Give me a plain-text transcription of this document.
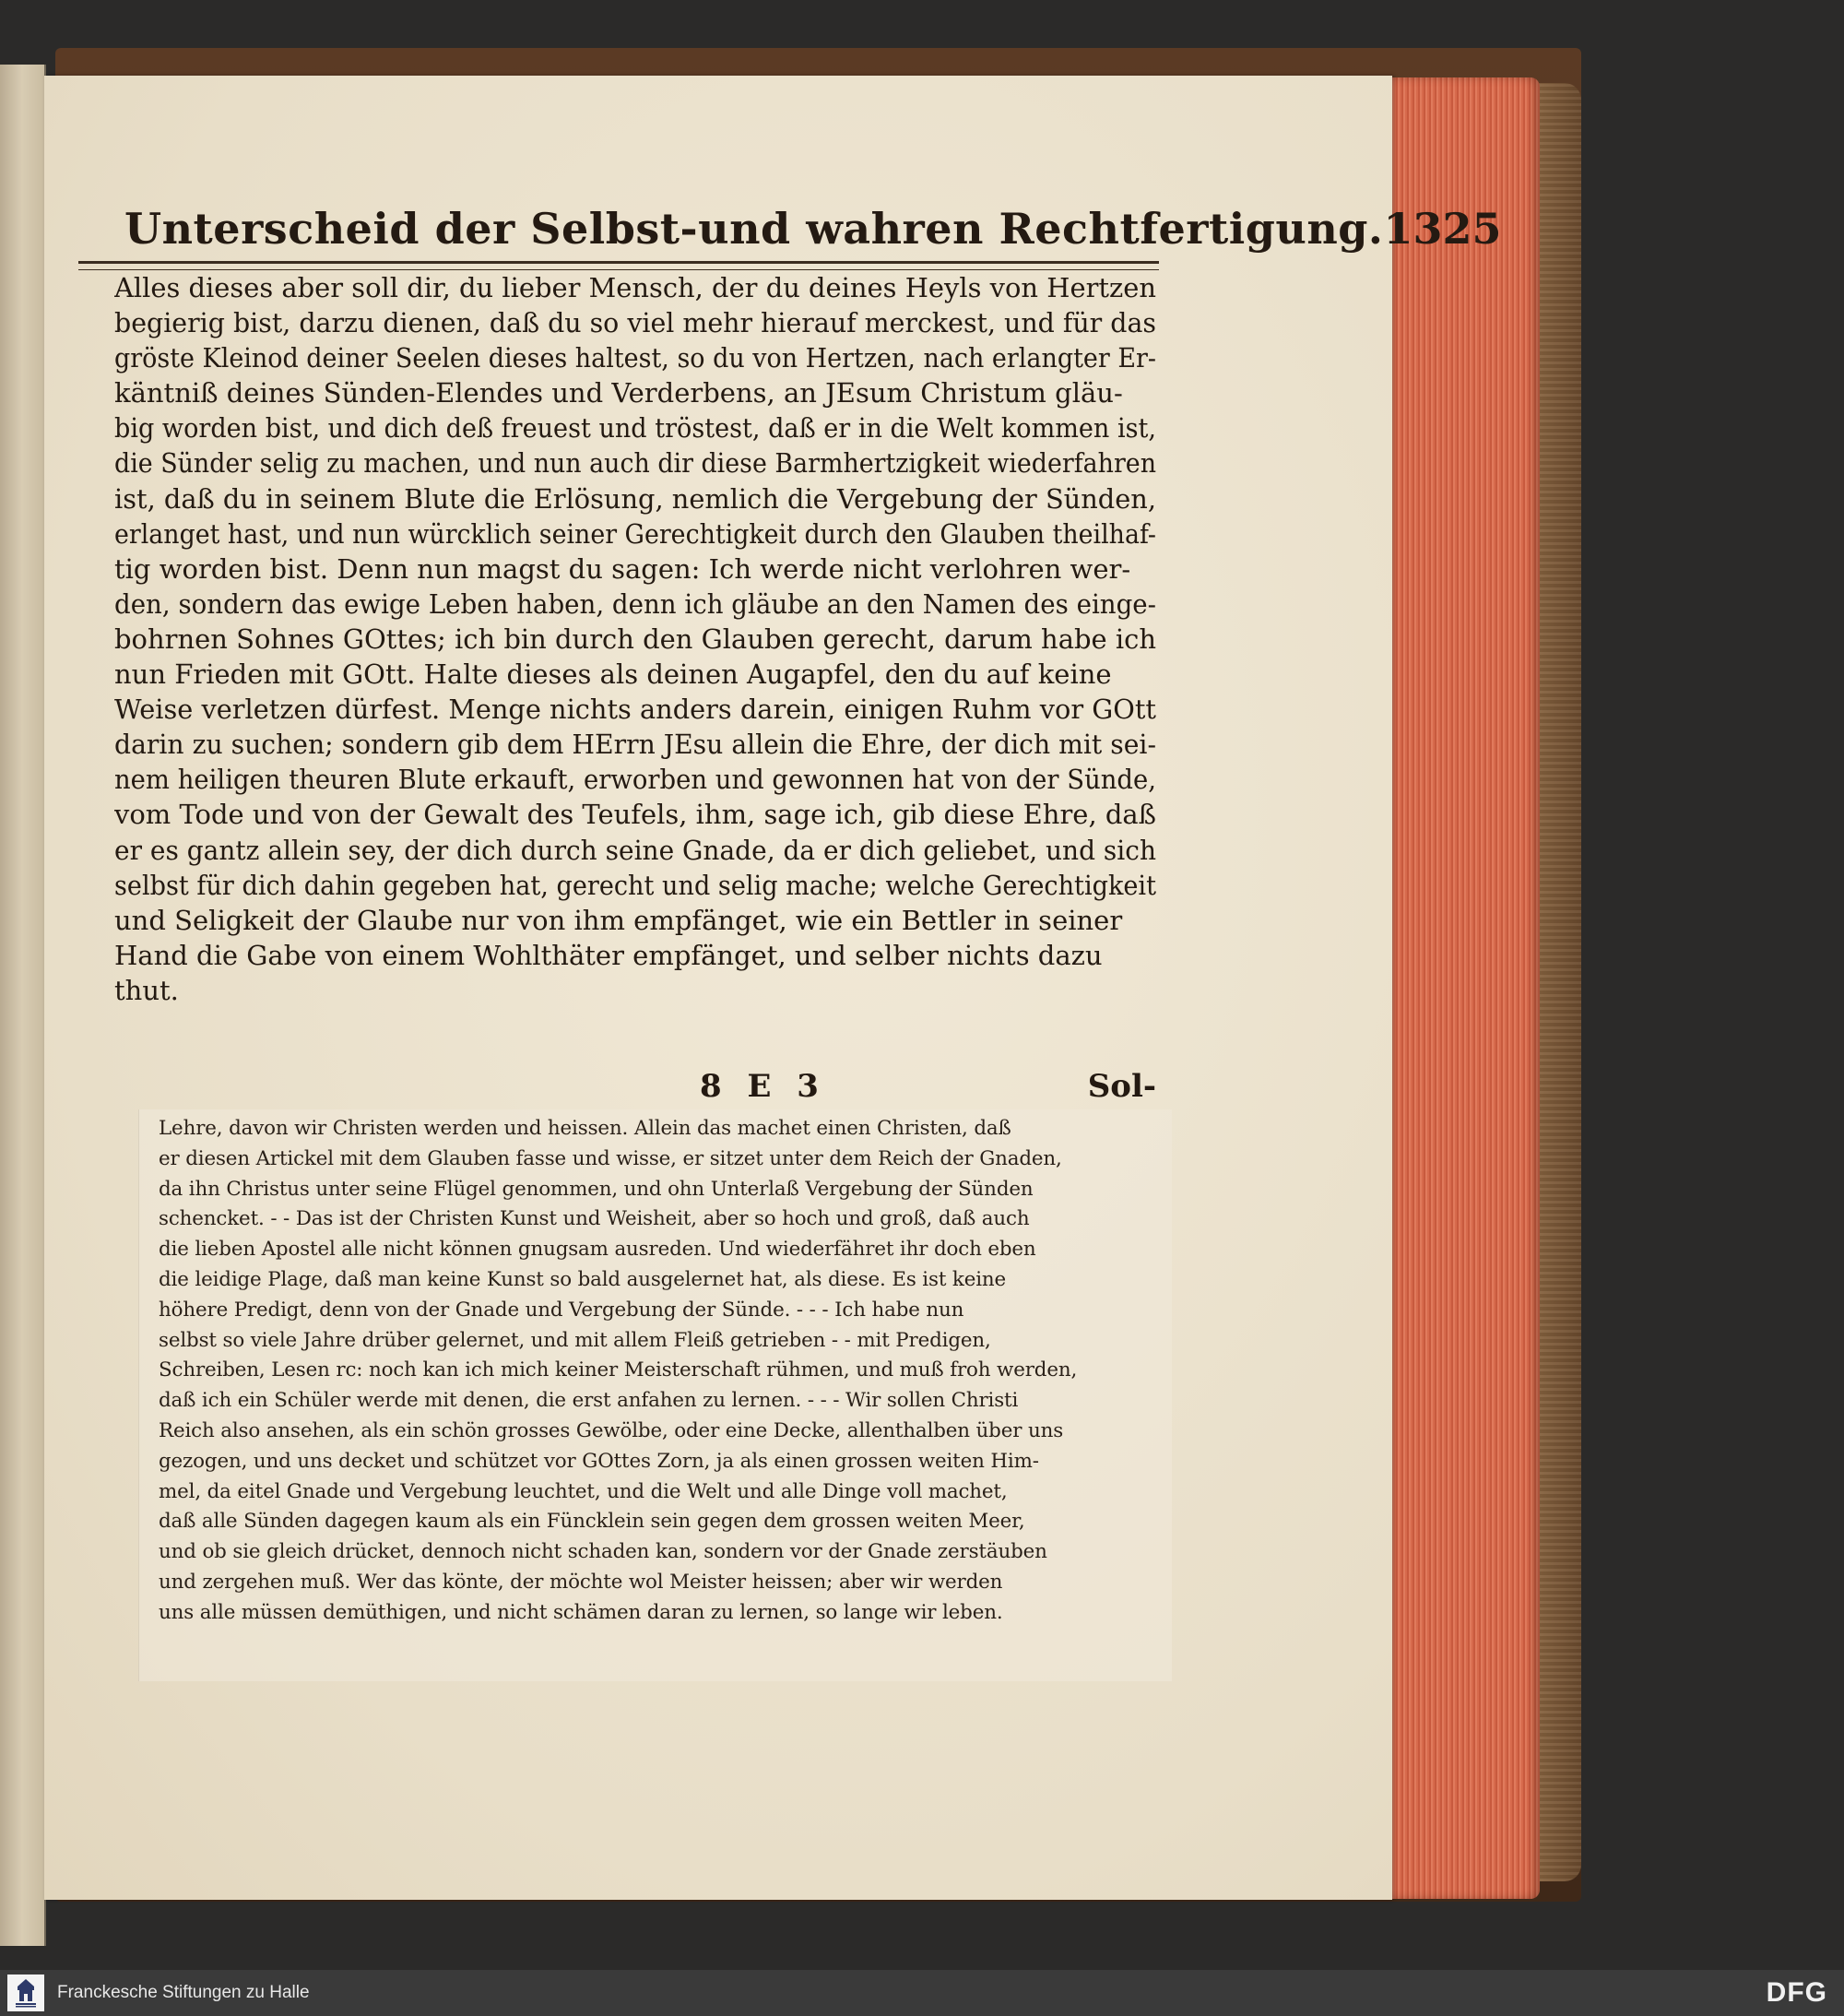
Unterscheid der Selbst-und wahren Rechtfertigung. 1325
Alles dieses aber soll dir, du lieber Mensch, der du deines Heyls von Hertzen
begierig bist, darzu dienen, daß du so viel mehr hierauf merckest, und für das
gröste Kleinod deiner Seelen dieses haltest, so du von Hertzen, nach erlangter Er-
käntniß deines Sünden-Elendes und Verderbens, an JEsum Christum gläu-
big worden bist, und dich deß freuest und tröstest, daß er in die Welt kommen ist,
die Sünder selig zu machen, und nun auch dir diese Barmhertzigkeit wiederfahren
ist, daß du in seinem Blute die Erlösung, nemlich die Vergebung der Sünden,
erlanget hast, und nun würcklich seiner Gerechtigkeit durch den Glauben theilhaf-
tig worden bist. Denn nun magst du sagen: Ich werde nicht verlohren wer-
den, sondern das ewige Leben haben, denn ich gläube an den Namen des einge-
bohrnen Sohnes GOttes; ich bin durch den Glauben gerecht, darum habe ich
nun Frieden mit GOtt. Halte dieses als deinen Augapfel, den du auf keine
Weise verletzen dürfest. Menge nichts anders darein, einigen Ruhm vor GOtt
darin zu suchen; sondern gib dem HErrn JEsu allein die Ehre, der dich mit sei-
nem heiligen theuren Blute erkauft, erworben und gewonnen hat von der Sünde,
vom Tode und von der Gewalt des Teufels, ihm, sage ich, gib diese Ehre, daß
er es gantz allein sey, der dich durch seine Gnade, da er dich geliebet, und sich
selbst für dich dahin gegeben hat, gerecht und selig mache; welche Gerechtigkeit
und Seligkeit der Glaube nur von ihm empfänget, wie ein Bettler in seiner
Hand die Gabe von einem Wohlthäter empfänget, und selber nichts dazu
thut.
8 E 3	Sol-
Lehre, davon wir Christen werden und heissen. Allein das machet einen Christen, daß
er diesen Artickel mit dem Glauben fasse und wisse, er sitzet unter dem Reich der Gnaden,
da ihn Christus unter seine Flügel genommen, und ohn Unterlaß Vergebung der Sünden
schencket. - - Das ist der Christen Kunst und Weisheit, aber so hoch und groß, daß auch
die lieben Apostel alle nicht können gnugsam ausreden. Und wiederfähret ihr doch eben
die leidige Plage, daß man keine Kunst so bald ausgelernet hat, als diese. Es ist keine
höhere Predigt, denn von der Gnade und Vergebung der Sünde. - - - Ich habe nun
selbst so viele Jahre drüber gelernet, und mit allem Fleiß getrieben - - mit Predigen,
Schreiben, Lesen rc: noch kan ich mich keiner Meisterschaft rühmen, und muß froh werden,
daß ich ein Schüler werde mit denen, die erst anfahen zu lernen. - - - Wir sollen Christi
Reich also ansehen, als ein schön grosses Gewölbe, oder eine Decke, allenthalben über uns
gezogen, und uns decket und schützet vor GOttes Zorn, ja als einen grossen weiten Him-
mel, da eitel Gnade und Vergebung leuchtet, und die Welt und alle Dinge voll machet,
daß alle Sünden dagegen kaum als ein Füncklein sein gegen dem grossen weiten Meer,
und ob sie gleich drücket, dennoch nicht schaden kan, sondern vor der Gnade zerstäuben
und zergehen muß. Wer das könte, der möchte wol Meister heissen; aber wir werden
uns alle müssen demüthigen, und nicht schämen daran zu lernen, so lange wir leben.
Franckesche Stiftungen zu Halle	DFG
